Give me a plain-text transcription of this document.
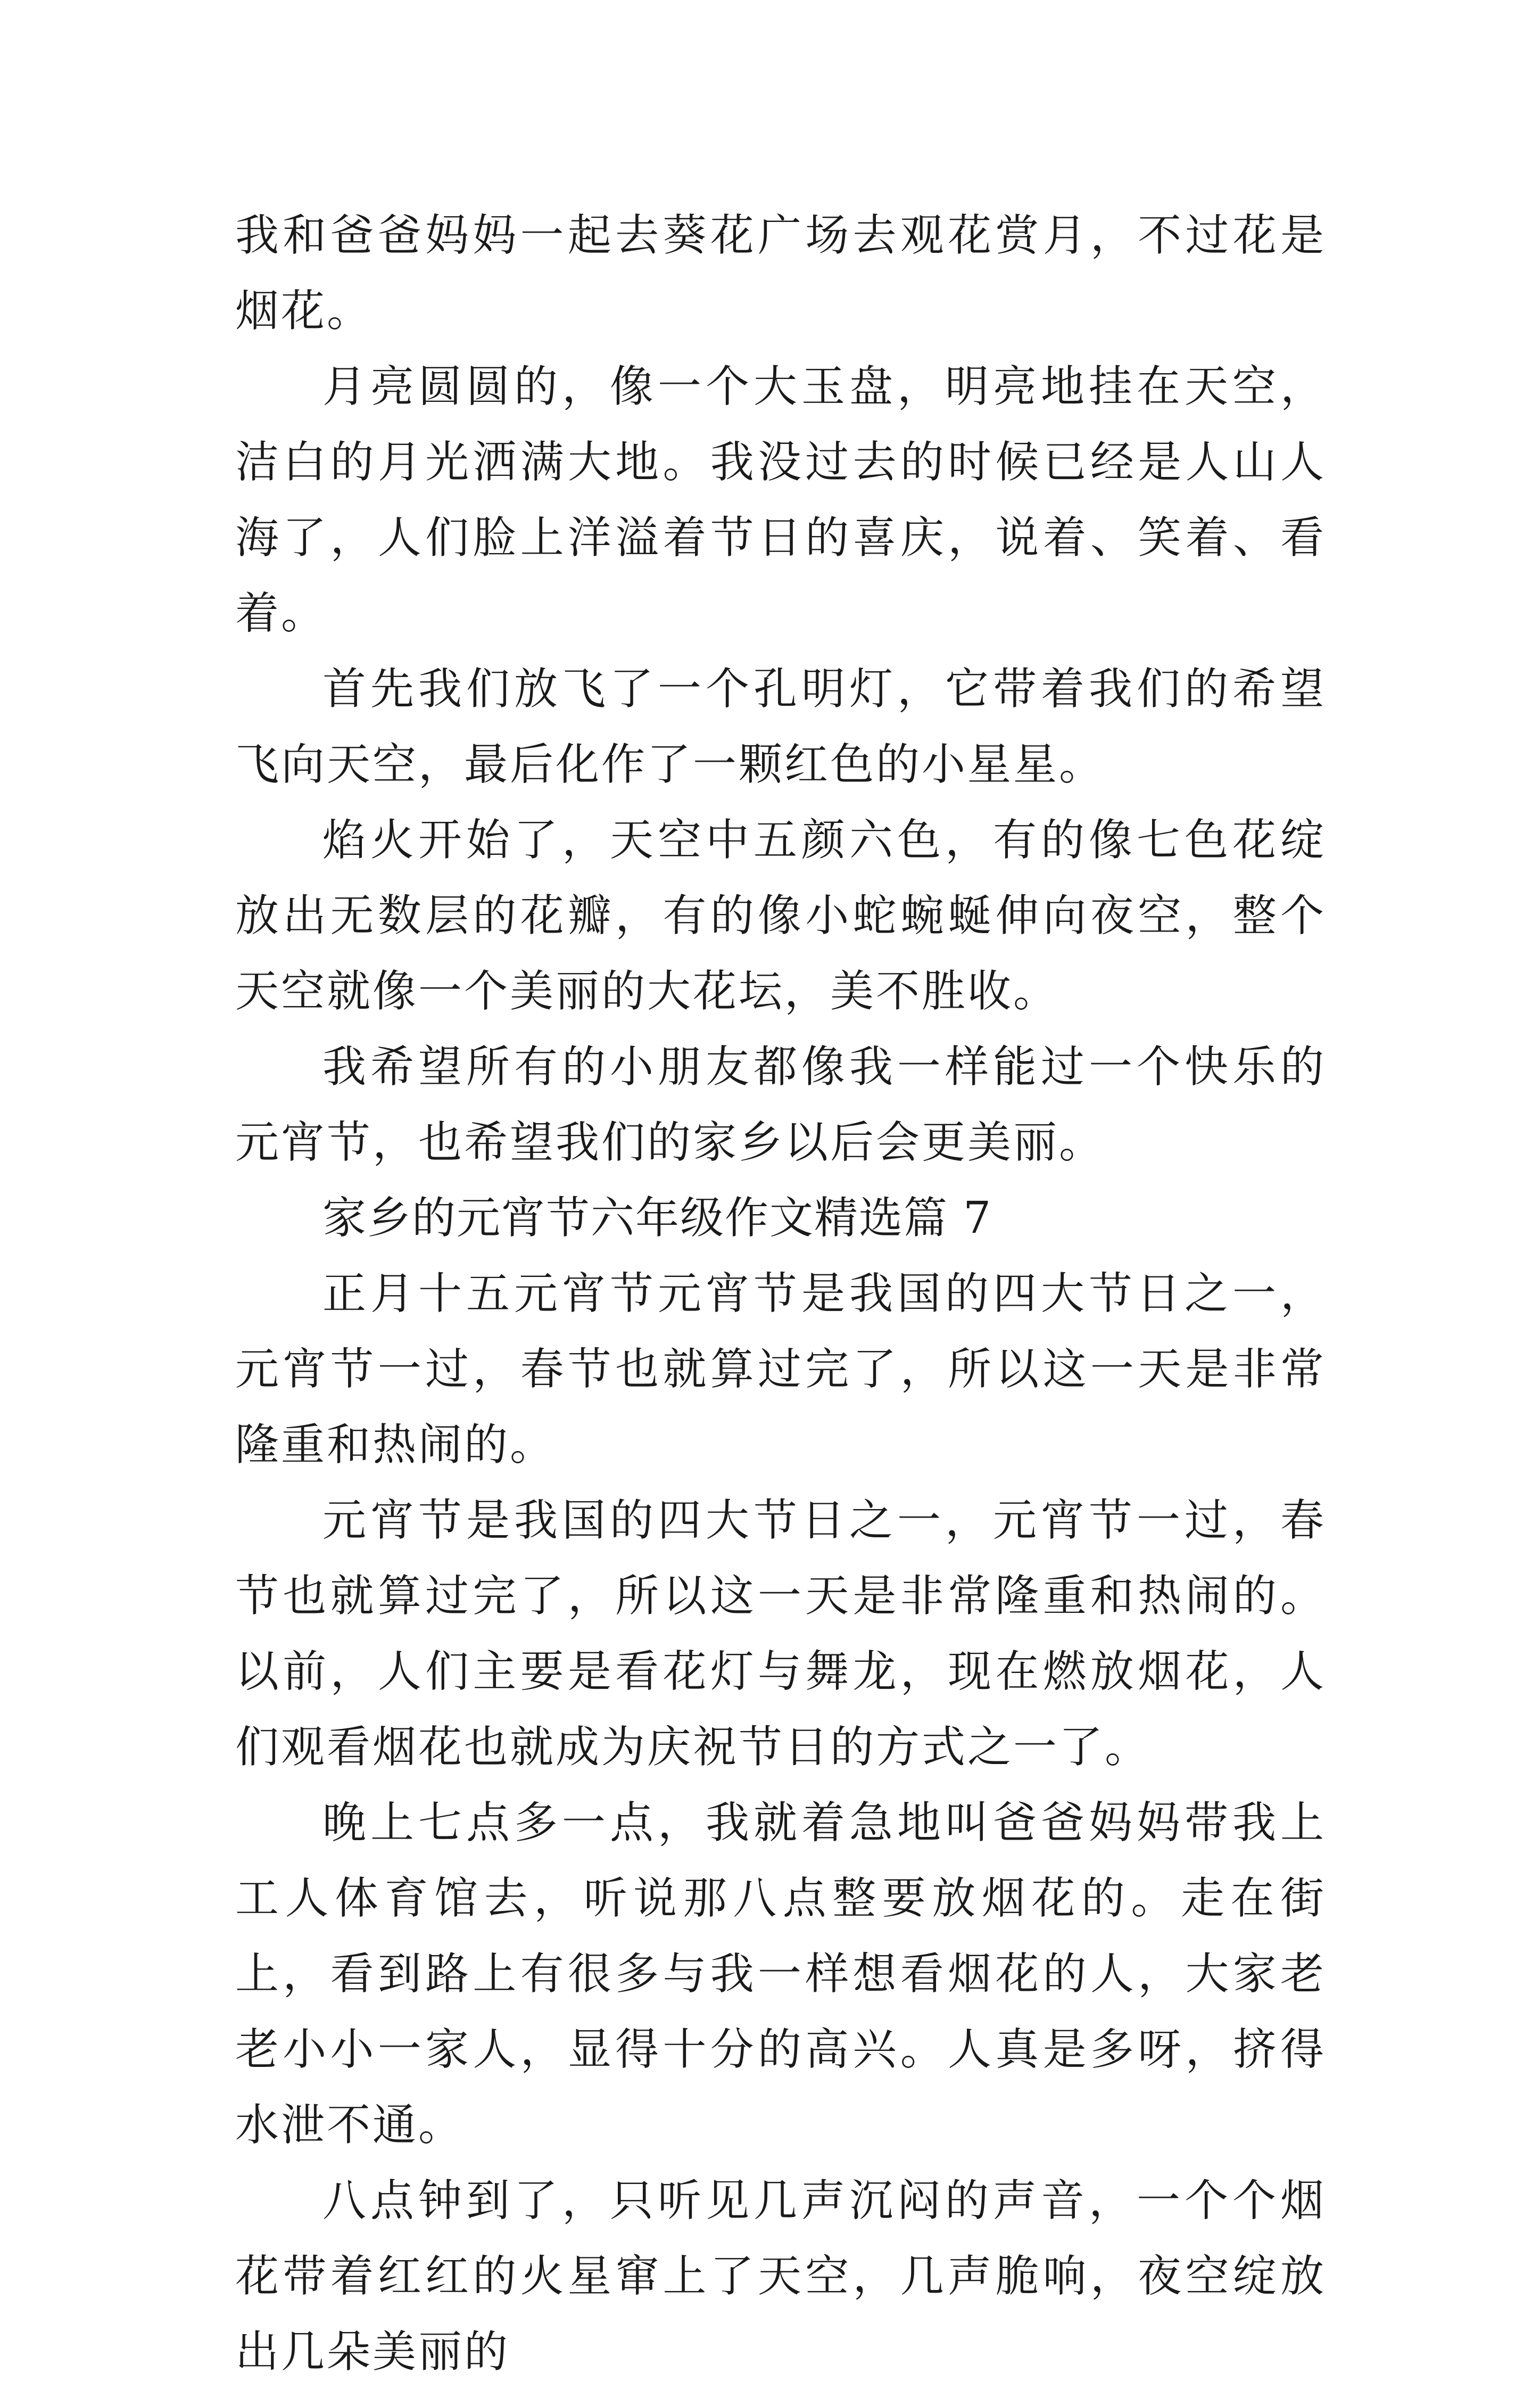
我和爸爸妈妈一起去葵花广场去观花赏月，不过花是烟花。

月亮圆圆的，像一个大玉盘，明亮地挂在天空，洁白的月光洒满大地。我没过去的时候已经是人山人海了，人们脸上洋溢着节日的喜庆，说着、笑着、看着。

首先我们放飞了一个孔明灯，它带着我们的希望飞向天空，最后化作了一颗红色的小星星。

焰火开始了，天空中五颜六色，有的像七色花绽放出无数层的花瓣，有的像小蛇蜿蜒伸向夜空，整个天空就像一个美丽的大花坛，美不胜收。

我希望所有的小朋友都像我一样能过一个快乐的元宵节，也希望我们的家乡以后会更美丽。

家乡的元宵节六年级作文精选篇 7

正月十五元宵节元宵节是我国的四大节日之一，元宵节一过，春节也就算过完了，所以这一天是非常隆重和热闹的。

元宵节是我国的四大节日之一，元宵节一过，春节也就算过完了，所以这一天是非常隆重和热闹的。以前，人们主要是看花灯与舞龙，现在燃放烟花，人们观看烟花也就成为庆祝节日的方式之一了。

晚上七点多一点，我就着急地叫爸爸妈妈带我上工人体育馆去，听说那八点整要放烟花的。走在街上，看到路上有很多与我一样想看烟花的人，大家老老小小一家人，显得十分的高兴。人真是多呀，挤得水泄不通。

八点钟到了，只听见几声沉闷的声音，一个个烟花带着红红的火星窜上了天空，几声脆响，夜空绽放出几朵美丽的
